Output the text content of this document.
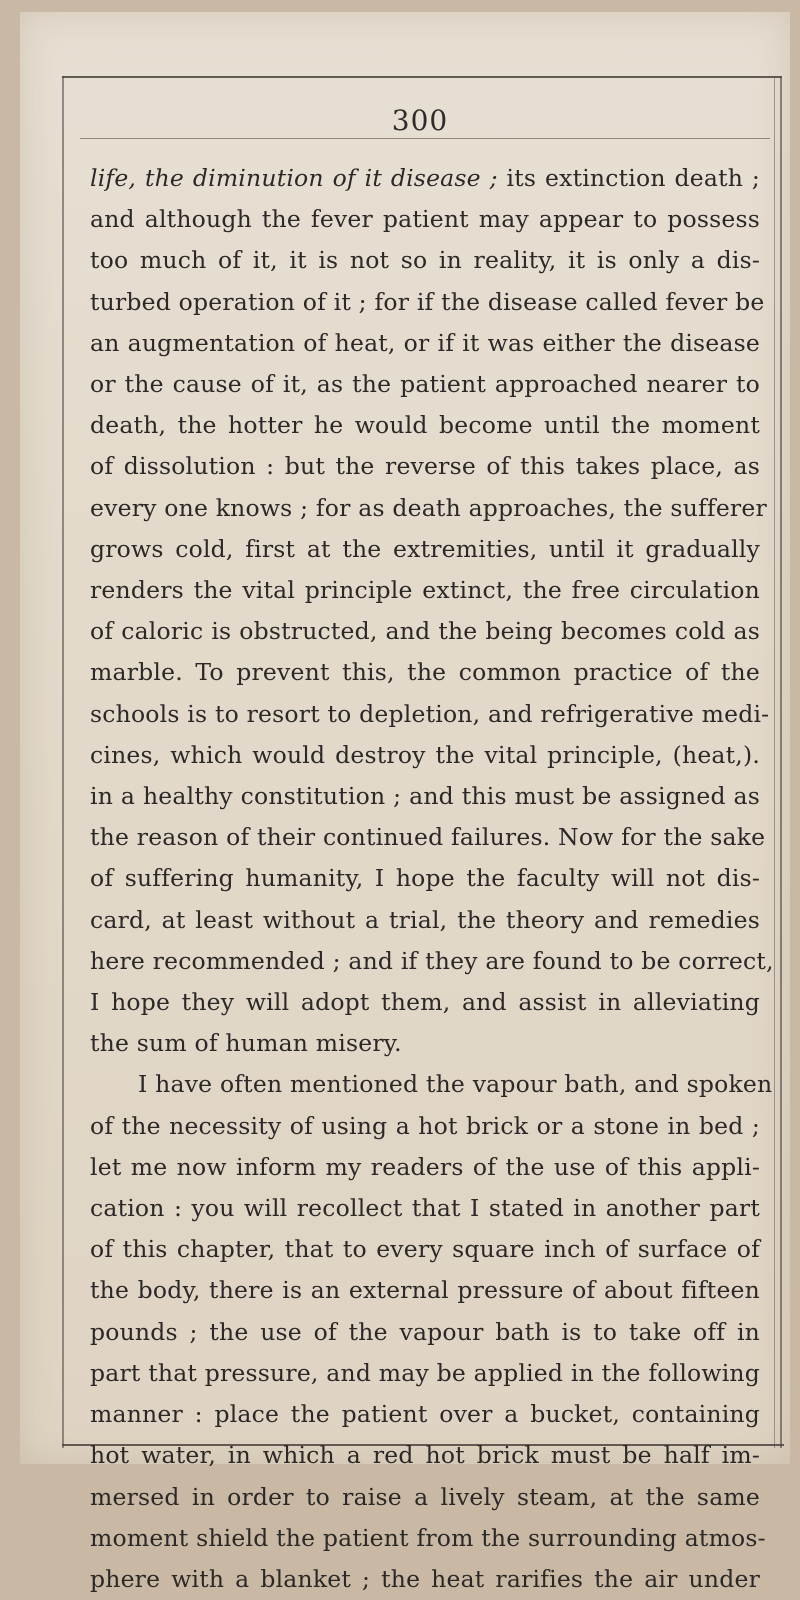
300
life, the diminution of it disease ; its extinction death ;
and although the fever patient may appear to possess
too much of it, it is not so in reality, it is only a dis-
turbed operation of it ; for if the disease called fever be
an augmentation of heat, or if it was either the disease
or the cause of it, as the patient approached nearer to
death, the hotter he would become until the moment
of dissolution : but the reverse of this takes place, as
every one knows ; for as death approaches, the sufferer
grows cold, first at the extremities, until it gradually
renders the vital principle extinct, the free circulation
of caloric is obstructed, and the being becomes cold as
marble. To prevent this, the common practice of the
schools is to resort to depletion, and refrigerative medi-
cines, which would destroy the vital principle, (heat,).
in a healthy constitution ; and this must be assigned as
the reason of their continued failures. Now for the sake
of suffering humanity, I hope the faculty will not dis-
card, at least without a trial, the theory and remedies
here recommended ; and if they are found to be correct,
I hope they will adopt them, and assist in alleviating
the sum of human misery.
I have often mentioned the vapour bath, and spoken
of the necessity of using a hot brick or a stone in bed ;
let me now inform my readers of the use of this appli-
cation : you will recollect that I stated in another part
of this chapter, that to every square inch of surface of
the body, there is an external pressure of about fifteen
pounds ; the use of the vapour bath is to take off in
part that pressure, and may be applied in the following
manner : place the patient over a bucket, containing
hot water, in which a red hot brick must be half im-
mersed in order to raise a lively steam, at the same
moment shield the patient from the surrounding atmos-
phere with a blanket ; the heat rarifies the air under
